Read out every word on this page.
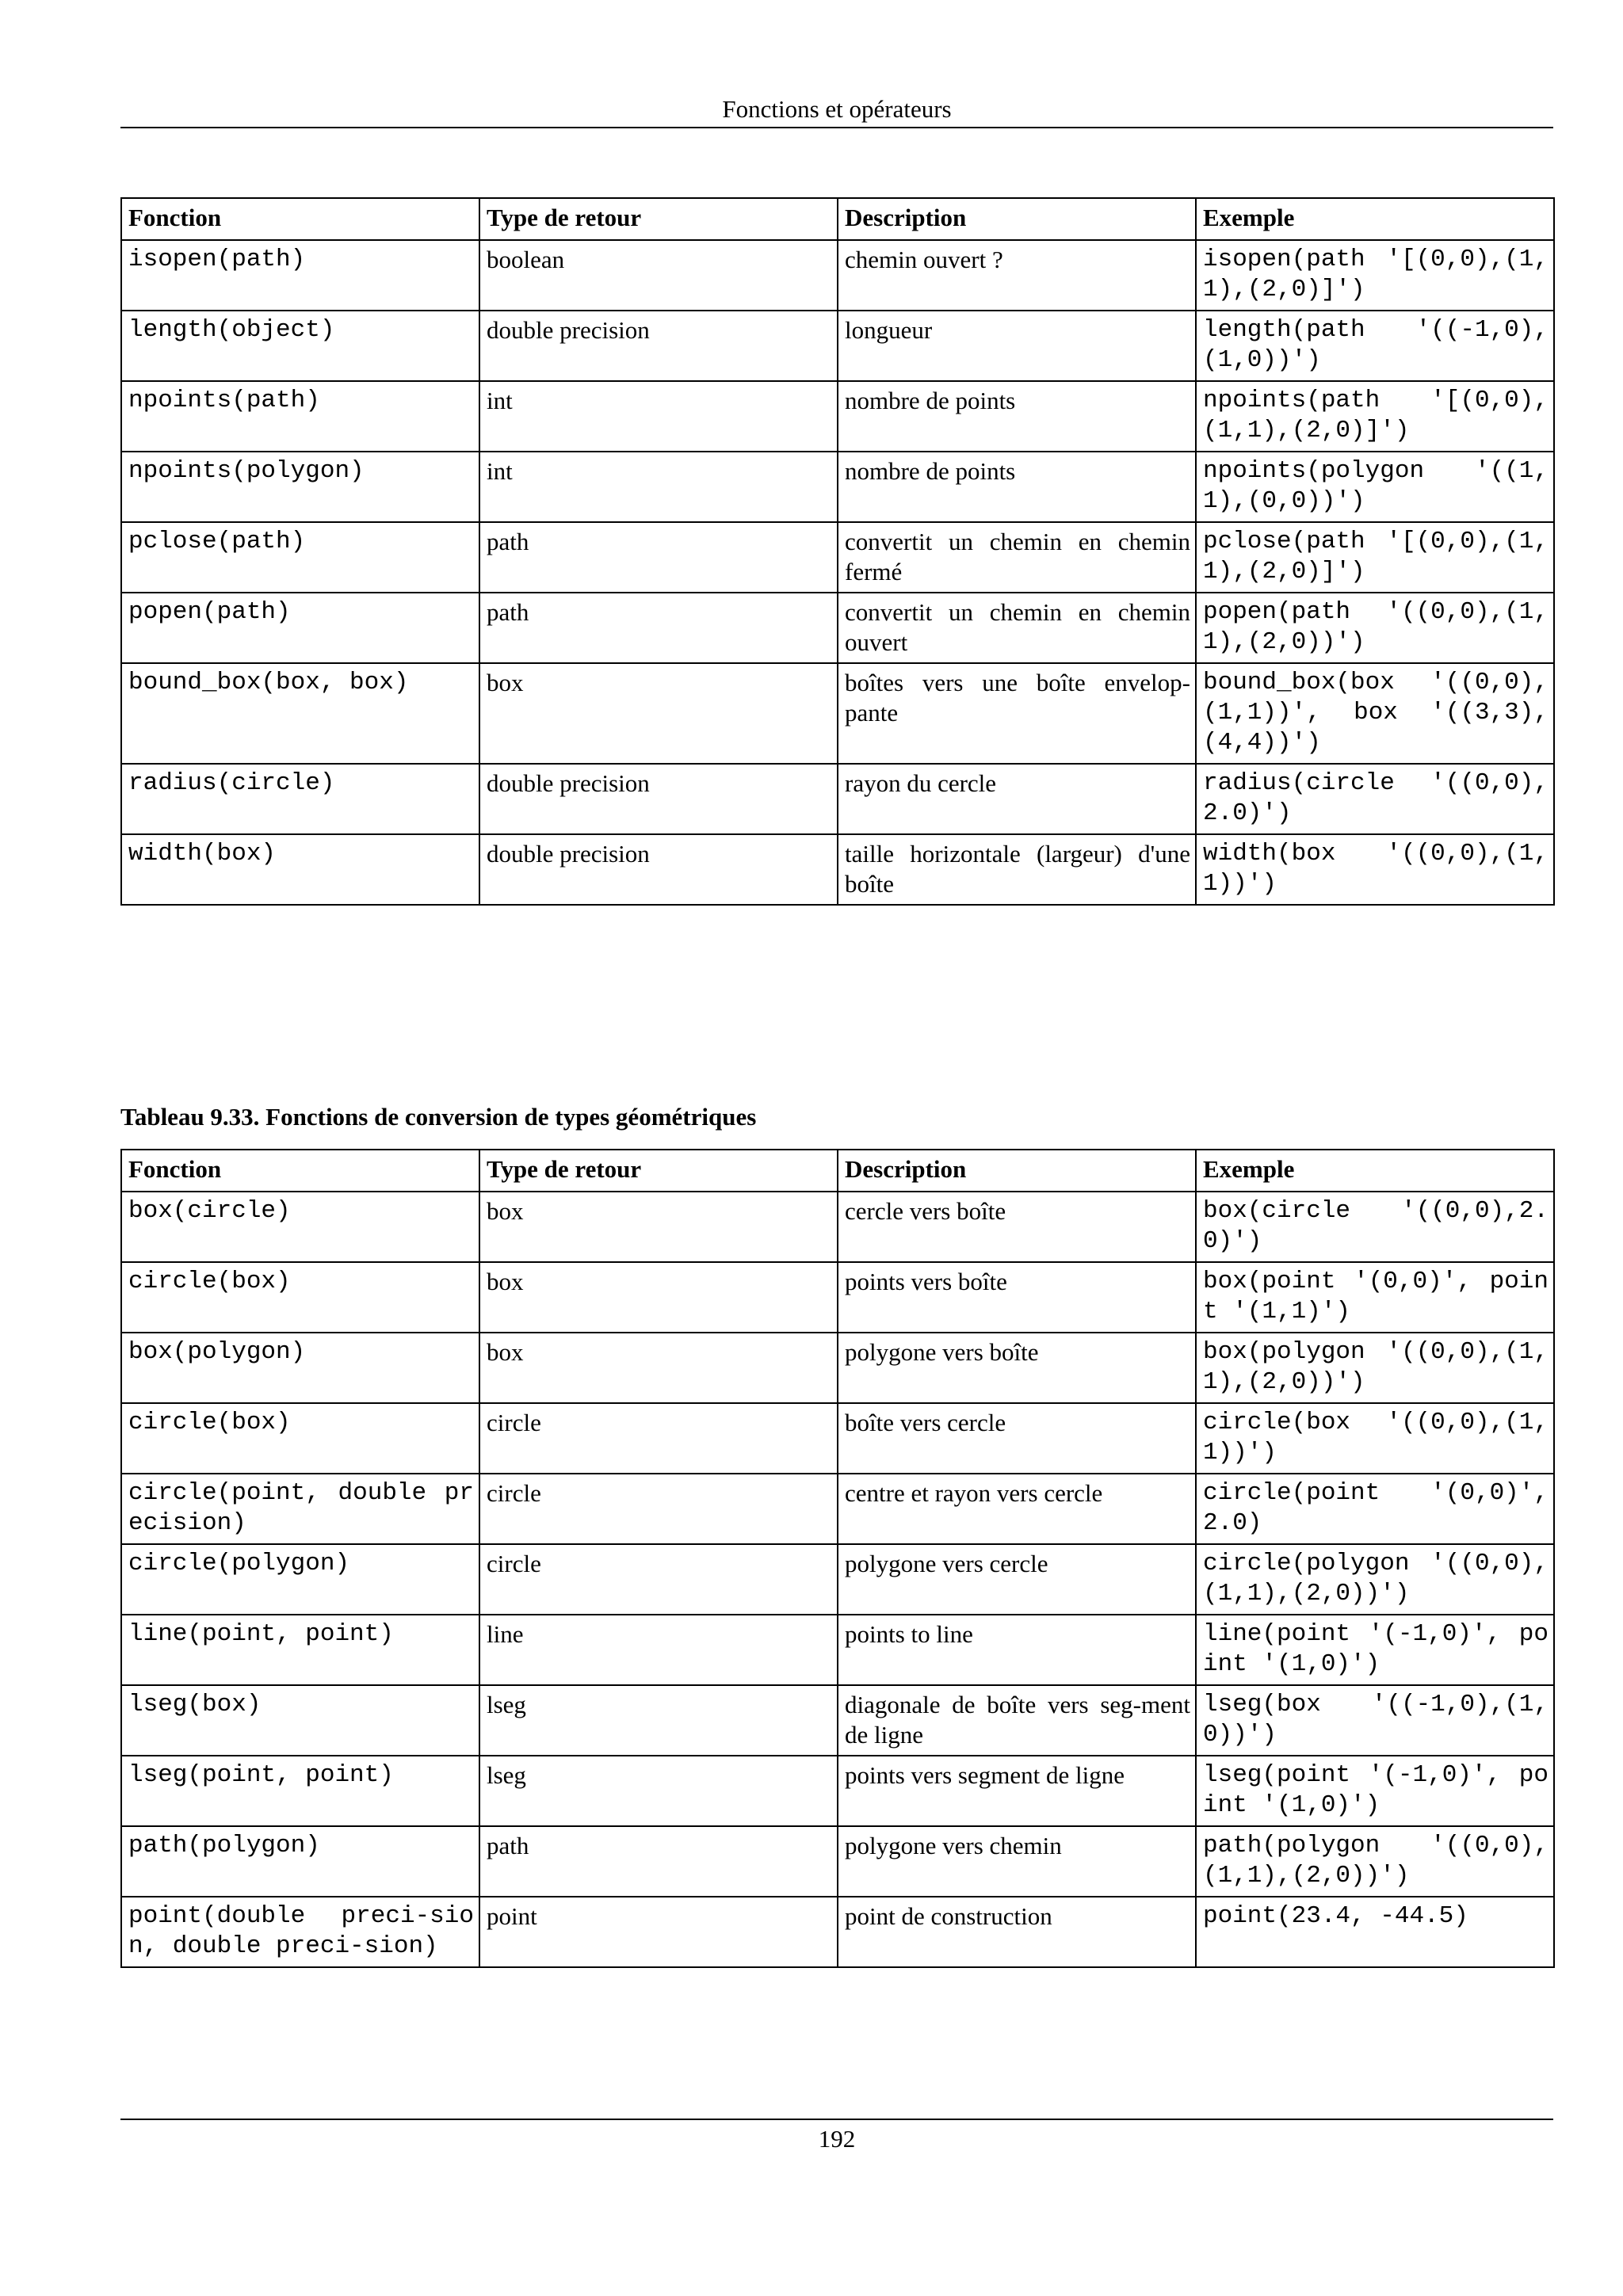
Fonctions et opérateurs
Fonction	Type de retour	Description	Exemple
isopen(path)	boolean	chemin ouvert ?	isopen(path '[(0,0),(1,1),(2,0)]')
length(object)	double precision	longueur	length(path '((-1,0),(1,0))')
npoints(path)	int	nombre de points	npoints(path '[(0,0),(1,1),(2,0)]')
npoints(polygon)	int	nombre de points	npoints(polygon '((1,1),(0,0))')
pclose(path)	path	convertit un chemin en chemin fermé	pclose(path '[(0,0),(1,1),(2,0)]')
popen(path)	path	convertit un chemin en chemin ouvert	popen(path '((0,0),(1,1),(2,0))')
bound_box(box, box)	box	boîtes vers une boîte envelop-pante	bound_box(box '((0,0),(1,1))', box '((3,3),(4,4))')
radius(circle)	double precision	rayon du cercle	radius(circle '((0,0),2.0)')
width(box)	double precision	taille horizontale (largeur) d'une boîte	width(box '((0,0),(1,1))')
Tableau 9.33. Fonctions de conversion de types géométriques
Fonction	Type de retour	Description	Exemple
box(circle)	box	cercle vers boîte	box(circle '((0,0),2.0)')
circle(box)	box	points vers boîte	box(point '(0,0)', point '(1,1)')
box(polygon)	box	polygone vers boîte	box(polygon '((0,0),(1,1),(2,0))')
circle(box)	circle	boîte vers cercle	circle(box '((0,0),(1,1))')
circle(point, double precision)	circle	centre et rayon vers cercle	circle(point '(0,0)', 2.0)
circle(polygon)	circle	polygone vers cercle	circle(polygon '((0,0),(1,1),(2,0))')
line(point, point)	line	points to line	line(point '(-1,0)', point '(1,0)')
lseg(box)	lseg	diagonale de boîte vers seg-ment de ligne	lseg(box '((-1,0),(1,0))')
lseg(point, point)	lseg	points vers segment de ligne	lseg(point '(-1,0)', point '(1,0)')
path(polygon)	path	polygone vers chemin	path(polygon '((0,0),(1,1),(2,0))')
point(double preci-sion, double preci-sion)	point	point de construction	point(23.4, -44.5)
192
